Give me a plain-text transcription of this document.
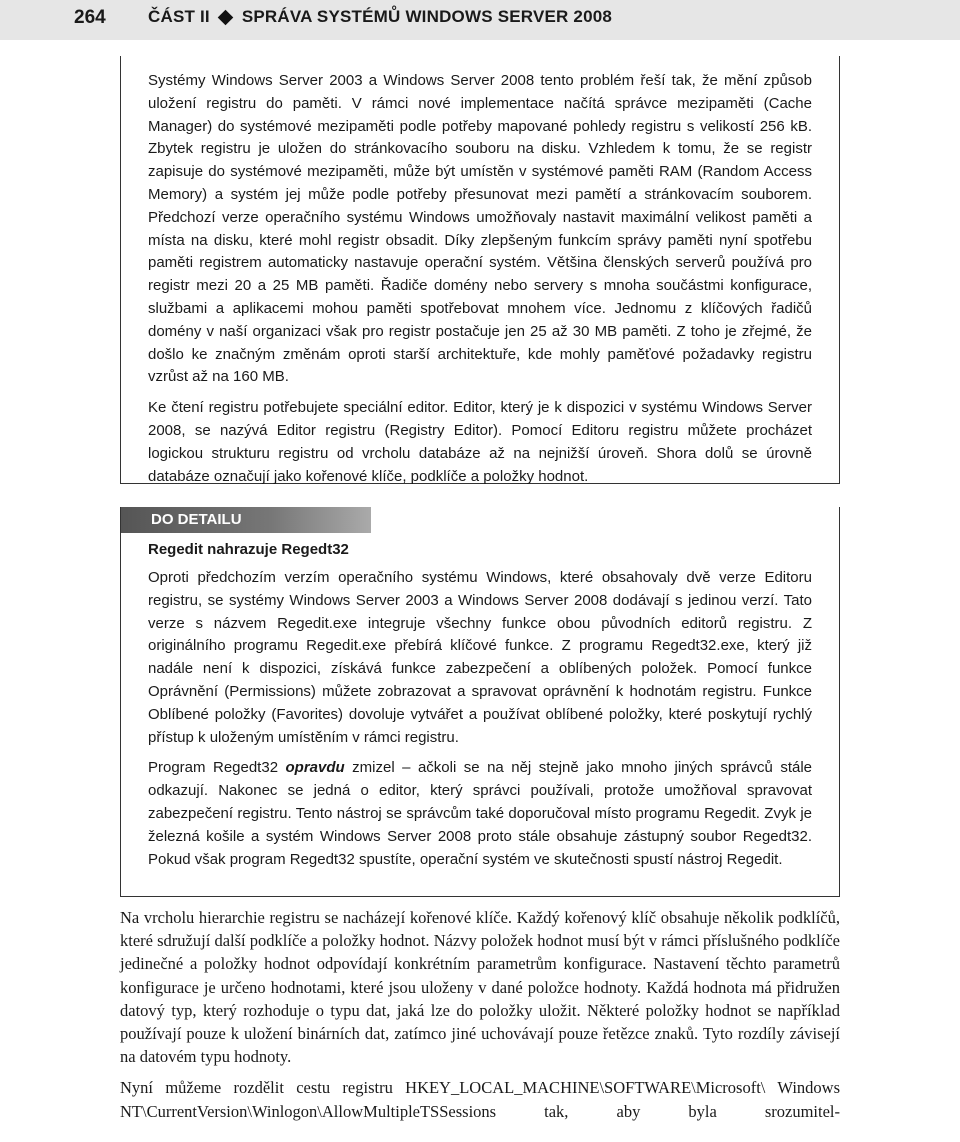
264 ČÁST II SPRÁVA SYSTÉMŮ WINDOWS SERVER 2008

Systémy Windows Server 2003 a Windows Server 2008 tento problém řeší tak, že mění způsob uložení registru do paměti. V rámci nové implementace načítá správce mezipaměti (Cache Manager) do systémové mezipaměti podle potřeby mapované pohledy registru s velikostí 256 kB. Zbytek registru je uložen do stránkovacího souboru na disku. Vzhledem k tomu, že se registr zapisuje do systémové mezipaměti, může být umístěn v systémové paměti RAM (Random Access Memory) a systém jej může podle potřeby přesunovat mezi pamětí a stránkovacím souborem. Předchozí verze operačního systému Windows umožňovaly nastavit maximální velikost paměti a místa na disku, které mohl registr obsadit. Díky zlepšeným funkcím správy paměti nyní spotřebu paměti registrem automaticky nastavuje operační systém. Většina členských serverů používá pro registr mezi 20 a 25 MB paměti. Řadiče domény nebo servery s mnoha součástmi konfigurace, službami a aplikacemi mohou paměti spotřebovat mnohem více. Jednomu z klíčových řadičů domény v naší organizaci však pro registr postačuje jen 25 až 30 MB paměti. Z toho je zřejmé, že došlo ke značným změnám oproti starší architektuře, kde mohly paměťové požadavky registru vzrůst až na 160 MB.

Ke čtení registru potřebujete speciální editor. Editor, který je k dispozici v systému Windows Server 2008, se nazývá Editor registru (Registry Editor). Pomocí Editoru registru můžete procházet logickou strukturu registru od vrcholu databáze až na nejnižší úroveň. Shora dolů se úrovně databáze označují jako kořenové klíče, podklíče a položky hodnot.

DO DETAILU
Regedit nahrazuje Regedt32

Oproti předchozím verzím operačního systému Windows, které obsahovaly dvě verze Editoru registru, se systémy Windows Server 2003 a Windows Server 2008 dodávají s jedinou verzí. Tato verze s názvem Regedit.exe integruje všechny funkce obou původních editorů registru. Z originálního programu Regedit.exe přebírá klíčové funkce. Z programu Regedt32.exe, který již nadále není k dispozici, získává funkce zabezpečení a oblíbených položek. Pomocí funkce Oprávnění (Permissions) můžete zobrazovat a spravovat oprávnění k hodnotám registru. Funkce Oblíbené položky (Favorites) dovoluje vytvářet a používat oblíbené položky, které poskytují rychlý přístup k uloženým umístěním v rámci registru.

Program Regedt32 opravdu zmizel – ačkoli se na něj stejně jako mnoho jiných správců stále odkazují. Nakonec se jedná o editor, který správci používali, protože umožňoval spravovat zabezpečení registru. Tento nástroj se správcům také doporučoval místo programu Regedit. Zvyk je železná košile a systém Windows Server 2008 proto stále obsahuje zástupný soubor Regedt32. Pokud však program Regedt32 spustíte, operační systém ve skutečnosti spustí nástroj Regedit.

Na vrcholu hierarchie registru se nacházejí kořenové klíče. Každý kořenový klíč obsahuje několik podklíčů, které sdružují další podklíče a položky hodnot. Názvy položek hodnot musí být v rámci příslušného podklíče jedinečné a položky hodnot odpovídají konkrétním parametrům konfigurace. Nastavení těchto parametrů konfigurace je určeno hodnotami, které jsou uloženy v dané položce hodnoty. Každá hodnota má přidružen datový typ, který rozhoduje o typu dat, jaká lze do položky uložit. Některé položky hodnot se například používají pouze k uložení binárních dat, zatímco jiné uchovávají pouze řetězce znaků. Tyto rozdíly závisejí na datovém typu hodnoty.

Nyní můžeme rozdělit cestu registru HKEY_LOCAL_MACHINE\SOFTWARE\Microsoft\ Windows NT\CurrentVersion\Winlogon\AllowMultipleTSSessions tak, aby byla srozumitel-
